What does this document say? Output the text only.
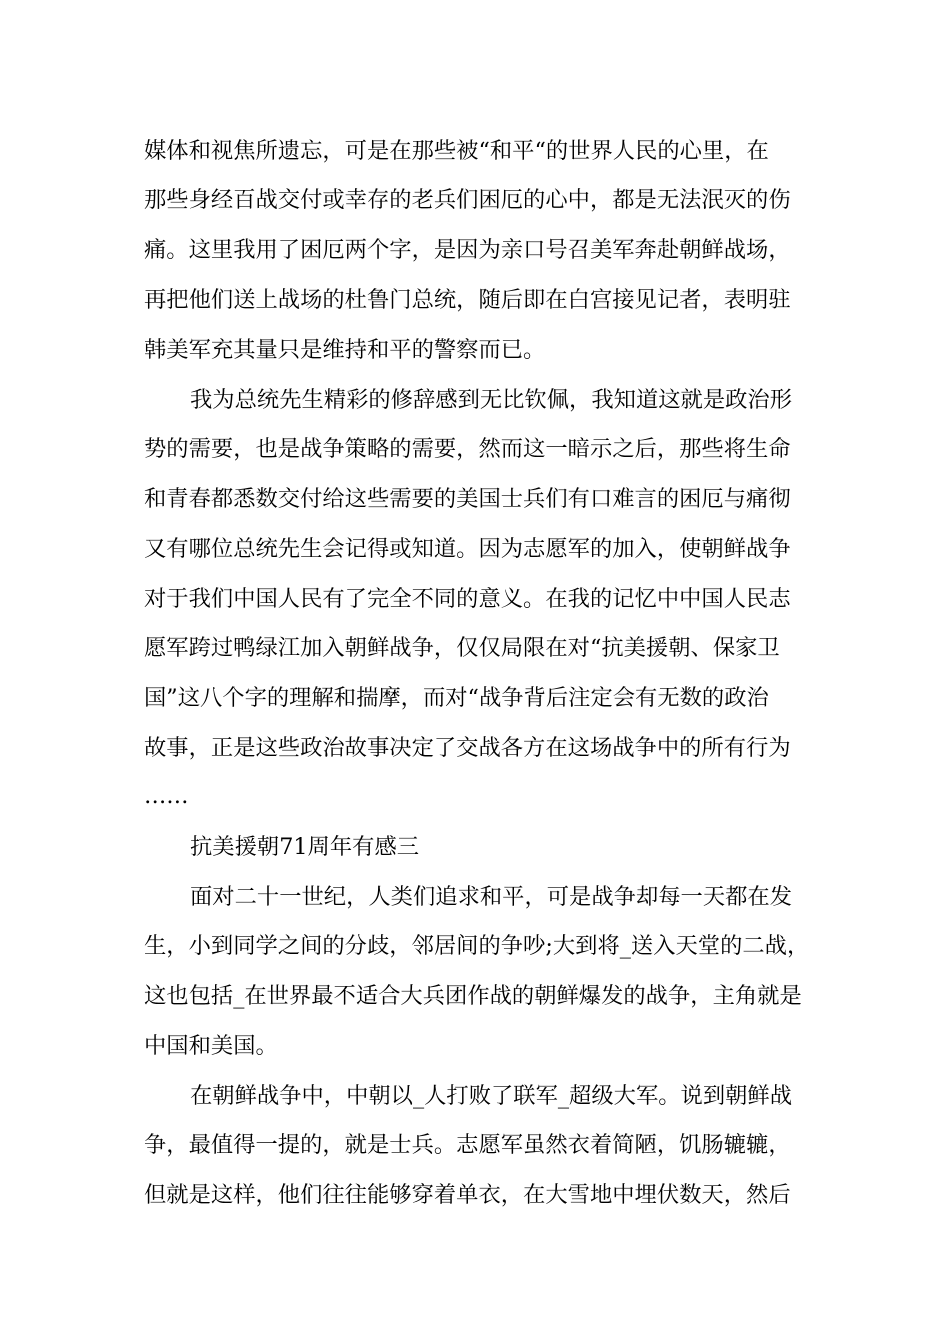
媒体和视焦所遗忘，可是在那些被“和平“的世界人民的心里，在
那些身经百战交付或幸存的老兵们困厄的心中，都是无法泯灭的伤
痛。这里我用了困厄两个字，是因为亲口号召美军奔赴朝鲜战场，
再把他们送上战场的杜鲁门总统，随后即在白宫接见记者，表明驻
韩美军充其量只是维持和平的警察而已。
我为总统先生精彩的修辞感到无比钦佩，我知道这就是政治形
势的需要，也是战争策略的需要，然而这一暗示之后，那些将生命
和青春都悉数交付给这些需要的美国士兵们有口难言的困厄与痛彻
又有哪位总统先生会记得或知道。因为志愿军的加入，使朝鲜战争
对于我们中国人民有了完全不同的意义。在我的记忆中中国人民志
愿军跨过鸭绿江加入朝鲜战争，仅仅局限在对“抗美援朝、保家卫
国”这八个字的理解和揣摩，而对“战争背后注定会有无数的政治
故事，正是这些政治故事决定了交战各方在这场战争中的所有行为
……
抗美援朝71周年有感三
面对二十一世纪，人类们追求和平，可是战争却每一天都在发
生，小到同学之间的分歧，邻居间的争吵;大到将_送入天堂的二战，
这也包括_在世界最不适合大兵团作战的朝鲜爆发的战争，主角就是
中国和美国。
在朝鲜战争中，中朝以_人打败了联军_超级大军。说到朝鲜战
争，最值得一提的，就是士兵。志愿军虽然衣着简陋，饥肠辘辘，
但就是这样，他们往往能够穿着单衣，在大雪地中埋伏数天，然后
